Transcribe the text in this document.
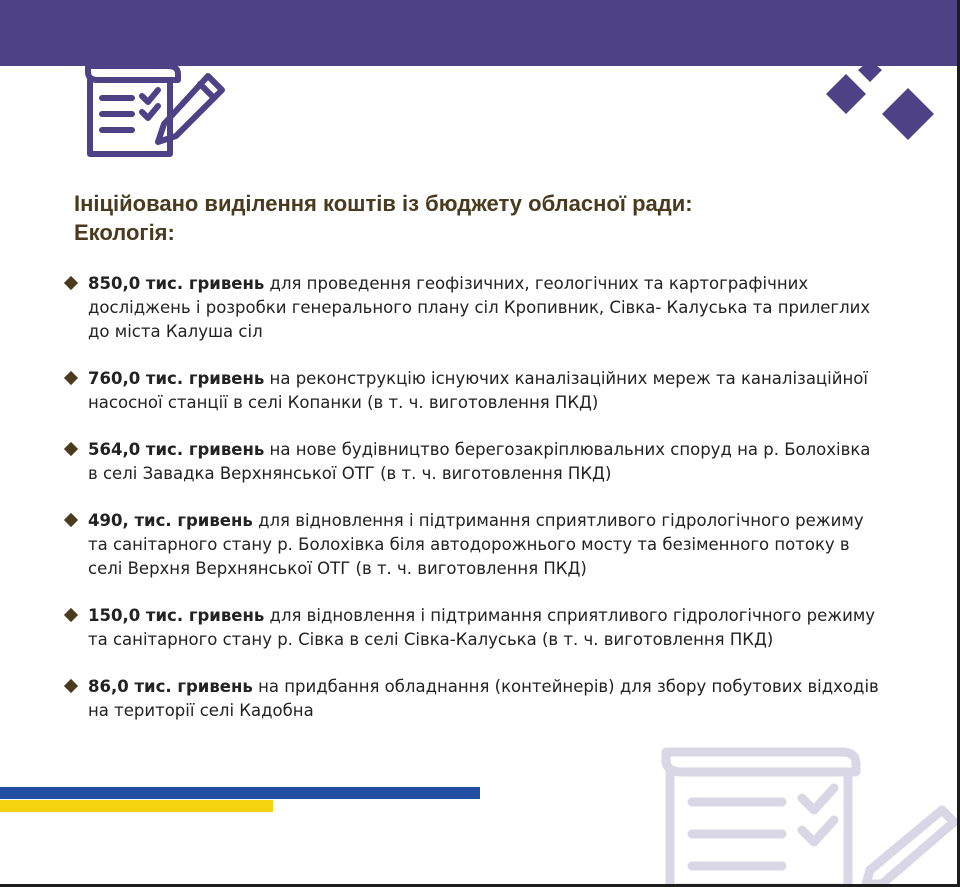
Ініційовано виділення коштів із бюджету обласної ради:
Екологія:
850,0 тис. гривень для проведення геофізичних, геологічних та картографічних
досліджень і розробки генерального плану сіл Кропивник, Сівка- Калуська та прилеглих
до міста Калуша сіл
760,0 тис. гривень на реконструкцію існуючих каналізаційних мереж та каналізаційної
насосної станції в селі Копанки (в т. ч. виготовлення ПКД)
564,0 тис. гривень на нове будівництво берегозакріплювальних споруд на р. Болохівка
в селі Завадка Верхнянської ОТГ (в т. ч. виготовлення ПКД)
490, тис. гривень для відновлення і підтримання сприятливого гідрологічного режиму
та санітарного стану р. Болохівка біля автодорожнього мосту та безіменного потоку в
селі Верхня Верхнянської ОТГ (в т. ч. виготовлення ПКД)
150,0 тис. гривень для відновлення і підтримання сприятливого гідрологічного режиму
та санітарного стану р. Сівка в селі Сівка-Калуська (в т. ч. виготовлення ПКД)
86,0 тис. гривень на придбання обладнання (контейнерів) для збору побутових відходів
на території селі Кадобна
